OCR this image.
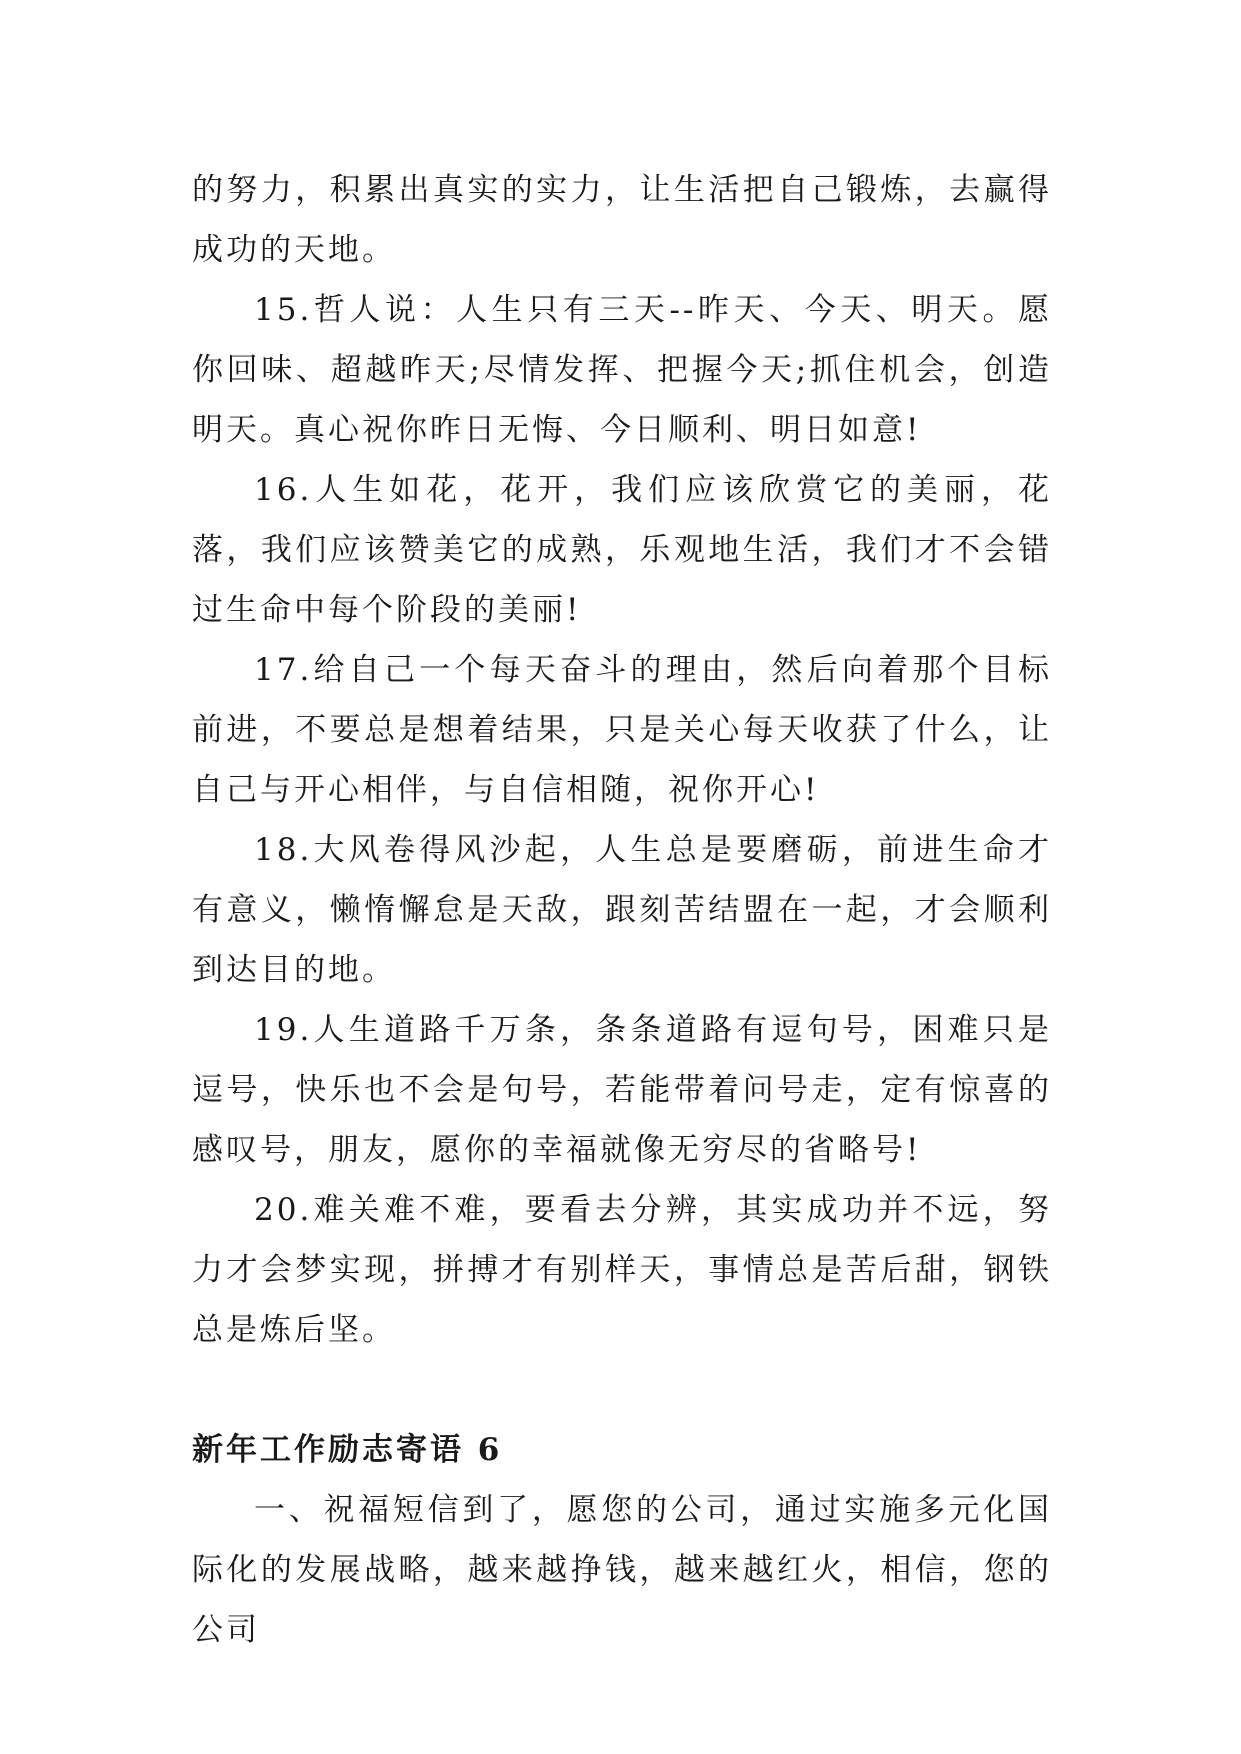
的努力，积累出真实的实力，让生活把自己锻炼，去赢得成功的天地。

15.哲人说：人生只有三天--昨天、今天、明天。愿你回味、超越昨天;尽情发挥、把握今天;抓住机会，创造明天。真心祝你昨日无悔、今日顺利、明日如意!

16.人生如花，花开，我们应该欣赏它的美丽，花落，我们应该赞美它的成熟，乐观地生活，我们才不会错过生命中每个阶段的美丽!

17.给自己一个每天奋斗的理由，然后向着那个目标前进，不要总是想着结果，只是关心每天收获了什么，让自己与开心相伴，与自信相随，祝你开心!

18.大风卷得风沙起，人生总是要磨砺，前进生命才有意义，懒惰懈怠是天敌，跟刻苦结盟在一起，才会顺利到达目的地。

19.人生道路千万条，条条道路有逗句号，困难只是逗号，快乐也不会是句号，若能带着问号走，定有惊喜的感叹号，朋友，愿你的幸福就像无穷尽的省略号!

20.难关难不难，要看去分辨，其实成功并不远，努力才会梦实现，拼搏才有别样天，事情总是苦后甜，钢铁总是炼后坚。

新年工作励志寄语 6

一、祝福短信到了，愿您的公司，通过实施多元化国际化的发展战略，越来越挣钱，越来越红火，相信，您的公司
